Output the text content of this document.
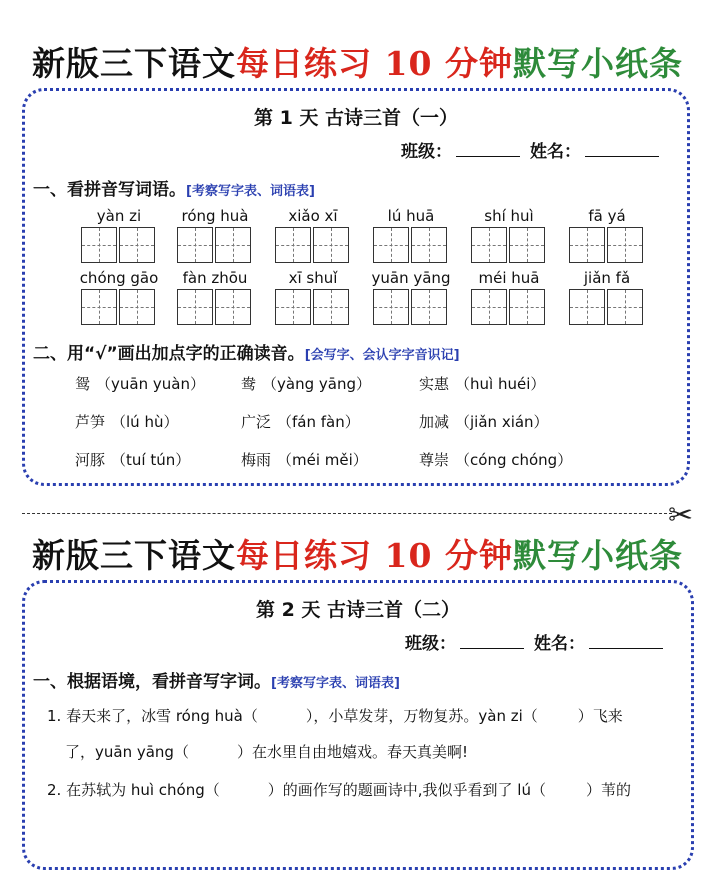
新版三下语文每日练习 10 分钟默写小纸条
第 1 天 古诗三首（一）
班级：	姓名：
一、看拼音写词语。[考察写字表、词语表]
yàn zi	róng huà	xiǎo xī	lú huā	shí huì	fā yá
chóng gāo	fàn zhōu	xī shuǐ	yuān yāng	méi huā	jiǎn fǎ
二、用“√”画出加点字的正确读音。[会写字、会认字字音识记]
鸳 （yuān yuàn） 鸯 （yàng yāng）	实惠 （huì huéi）
芦笋 （lú hù）	广泛 （fán fàn）	加减 （jiǎn xián）
河豚 （tuí tún）	梅雨 （méi měi）	尊崇 （cóng chóng）
✂
新版三下语文每日练习 10 分钟默写小纸条
第 2 天 古诗三首（二）
班级：	姓名：
一、根据语境，看拼音写字词。[考察写字表、词语表]
1. 春天来了，冰雪 róng huà（	），小草发芽，万物复苏。yàn zi（	）飞来
了，yuān yāng（	）在水里自由地嬉戏。春天真美啊!
2. 在苏轼为 huì chóng（	）的画作写的题画诗中,我似乎看到了 lú（	）苇的
